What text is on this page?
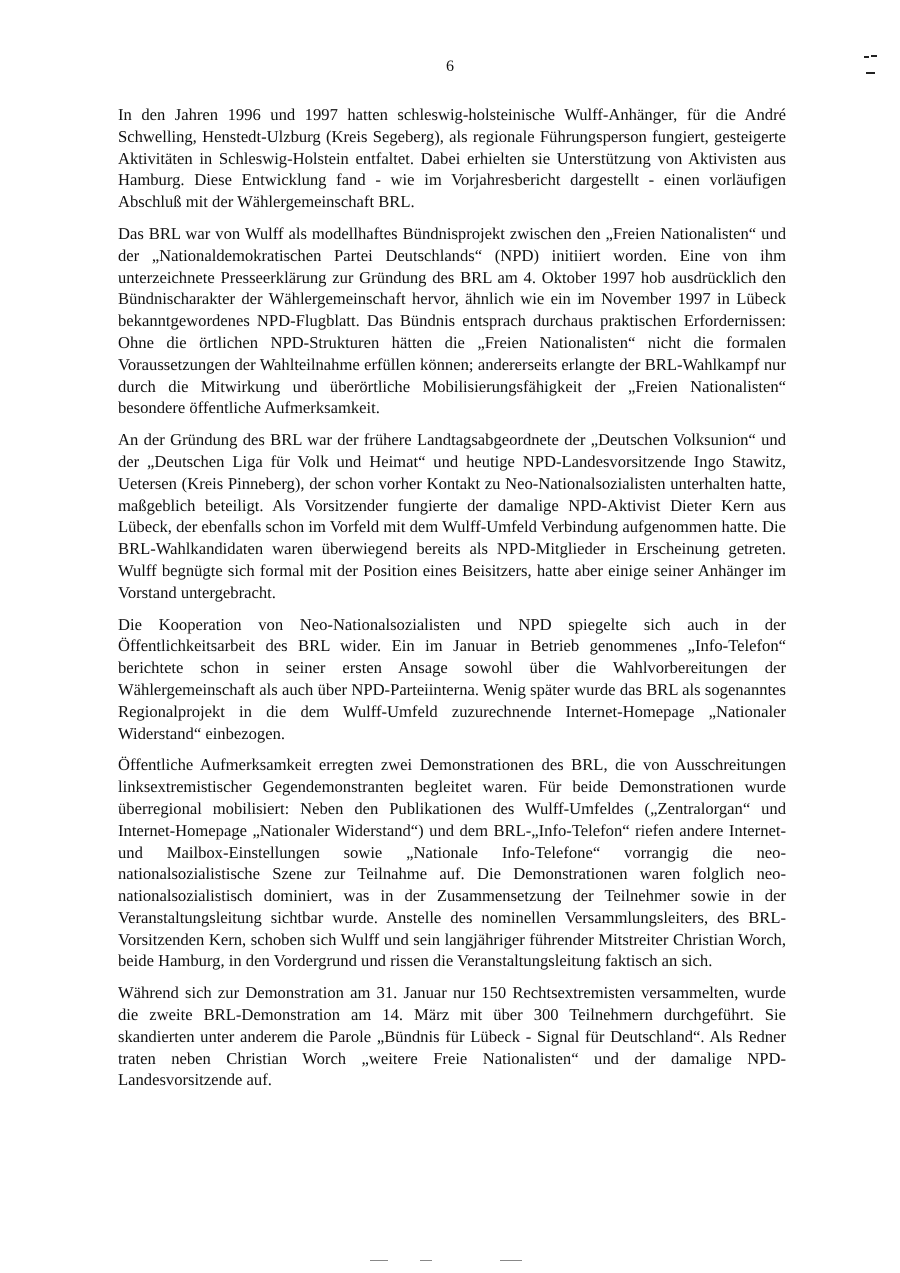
6

In den Jahren 1996 und 1997 hatten schleswig-holsteinische Wulff-Anhänger, für die André Schwelling, Henstedt-Ulzburg (Kreis Segeberg), als regionale Führungsperson fungiert, gesteigerte Aktivitäten in Schleswig-Holstein entfaltet. Dabei erhielten sie Unterstützung von Aktivisten aus Hamburg. Diese Entwicklung fand - wie im Vorjahresbericht dargestellt - einen vorläufigen Abschluß mit der Wählergemeinschaft BRL.

Das BRL war von Wulff als modellhaftes Bündnisprojekt zwischen den „Freien Nationalisten“ und der „Nationaldemokratischen Partei Deutschlands“ (NPD) initiiert worden. Eine von ihm unterzeichnete Presseerklärung zur Gründung des BRL am 4. Oktober 1997 hob ausdrücklich den Bündnischarakter der Wählergemeinschaft hervor, ähnlich wie ein im November 1997 in Lübeck bekanntgewordenes NPD-Flugblatt. Das Bündnis entsprach durchaus praktischen Erfordernissen: Ohne die örtlichen NPD-Strukturen hätten die „Freien Nationalisten“ nicht die formalen Voraussetzungen der Wahlteilnahme erfüllen können; andererseits erlangte der BRL-Wahlkampf nur durch die Mitwirkung und überörtliche Mobilisierungsfähigkeit der „Freien Nationalisten“ besondere öffentliche Aufmerksamkeit.

An der Gründung des BRL war der frühere Landtagsabgeordnete der „Deutschen Volksunion“ und der „Deutschen Liga für Volk und Heimat“ und heutige NPD-Landesvorsitzende Ingo Stawitz, Uetersen (Kreis Pinneberg), der schon vorher Kontakt zu Neo-Nationalsozialisten unterhalten hatte, maßgeblich beteiligt. Als Vorsitzender fungierte der damalige NPD-Aktivist Dieter Kern aus Lübeck, der ebenfalls schon im Vorfeld mit dem Wulff-Umfeld Verbindung aufgenommen hatte. Die BRL-Wahlkandidaten waren überwiegend bereits als NPD-Mitglieder in Erscheinung getreten. Wulff begnügte sich formal mit der Position eines Beisitzers, hatte aber einige seiner Anhänger im Vorstand untergebracht.

Die Kooperation von Neo-Nationalsozialisten und NPD spiegelte sich auch in der Öffentlichkeitsarbeit des BRL wider. Ein im Januar in Betrieb genommenes „Info-Telefon“ berichtete schon in seiner ersten Ansage sowohl über die Wahlvorbereitungen der Wählergemeinschaft als auch über NPD-Parteiinterna. Wenig später wurde das BRL als sogenanntes Regionalprojekt in die dem Wulff-Umfeld zuzurechnende Internet-Homepage „Nationaler Widerstand“ einbezogen.

Öffentliche Aufmerksamkeit erregten zwei Demonstrationen des BRL, die von Ausschreitungen linksextremistischer Gegendemonstranten begleitet waren. Für beide Demonstrationen wurde überregional mobilisiert: Neben den Publikationen des Wulff-Umfeldes („Zentralorgan“ und Internet-Homepage „Nationaler Widerstand“) und dem BRL-„Info-Telefon“ riefen andere Internet- und Mailbox-Einstellungen sowie „Nationale Info-Telefone“ vorrangig die neo-nationalsozialistische Szene zur Teilnahme auf. Die Demonstrationen waren folglich neo-nationalsozialistisch dominiert, was in der Zusammensetzung der Teilnehmer sowie in der Veranstaltungsleitung sichtbar wurde. Anstelle des nominellen Versammlungsleiters, des BRL-Vorsitzenden Kern, schoben sich Wulff und sein langjähriger führender Mitstreiter Christian Worch, beide Hamburg, in den Vordergrund und rissen die Veranstaltungsleitung faktisch an sich.

Während sich zur Demonstration am 31. Januar nur 150 Rechtsextremisten versammelten, wurde die zweite BRL-Demonstration am 14. März mit über 300 Teilnehmern durchgeführt. Sie skandierten unter anderem die Parole „Bündnis für Lübeck - Signal für Deutschland“. Als Redner traten neben Christian Worch „weitere Freie Nationalisten“ und der damalige NPD-Landesvorsitzende auf.
